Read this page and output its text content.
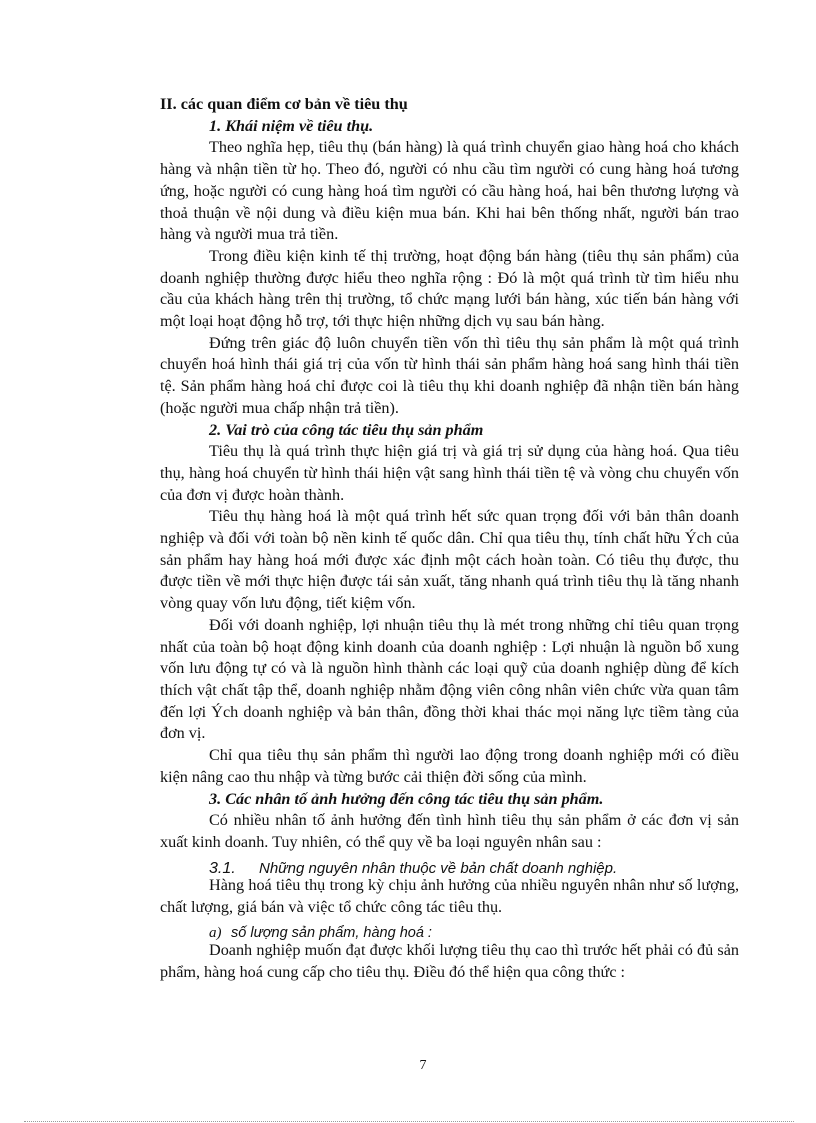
II. các quan điểm cơ bản về tiêu thụ

1. Khái niệm về tiêu thụ.

Theo nghĩa hẹp, tiêu thụ (bán hàng) là quá trình chuyển giao hàng hoá cho khách hàng và nhận tiền từ họ. Theo đó, người có nhu cầu tìm người có cung hàng hoá tương ứng, hoặc người có cung hàng hoá tìm người có cầu hàng hoá, hai bên thương lượng và thoả thuận về nội dung và điều kiện mua bán. Khi hai bên thống nhất, người bán trao hàng và người mua trả tiền.

Trong điều kiện kinh tế thị trường, hoạt động bán hàng (tiêu thụ sản phẩm) của doanh nghiệp thường được hiểu theo nghĩa rộng : Đó là một quá trình từ tìm hiểu nhu cầu của khách hàng trên thị trường, tổ chức mạng lưới bán hàng, xúc tiến bán hàng với một loại hoạt động hỗ trợ, tới thực hiện những dịch vụ sau bán hàng.

Đứng trên giác độ luôn chuyển tiền vốn thì tiêu thụ sản phẩm là một quá trình chuyển hoá hình thái giá trị của vốn từ hình thái sản phẩm hàng hoá sang hình thái tiền tệ. Sản phẩm hàng hoá chỉ được coi là tiêu thụ khi doanh nghiệp đã nhận tiền bán hàng (hoặc người mua chấp nhận trả tiền).

2. Vai trò của công tác tiêu thụ sản phẩm

Tiêu thụ là quá trình thực hiện giá trị và giá trị sử dụng của hàng hoá. Qua tiêu thụ, hàng hoá chuyển từ hình thái hiện vật sang hình thái tiền tệ và vòng chu chuyển vốn của đơn vị được hoàn thành.

Tiêu thụ hàng hoá là một quá trình hết sức quan trọng đối với bản thân doanh nghiệp và đối với toàn bộ nền kinh tế quốc dân. Chỉ qua tiêu thụ, tính chất hữu Ých của sản phẩm hay hàng hoá mới được xác định một cách hoàn toàn. Có tiêu thụ được, thu được tiền về mới thực hiện được tái sản xuất, tăng nhanh quá trình tiêu thụ là tăng nhanh vòng quay vốn lưu động, tiết kiệm vốn.

Đối với doanh nghiệp, lợi nhuận tiêu thụ là mét trong những chỉ tiêu quan trọng nhất của toàn bộ hoạt động kinh doanh của doanh nghiệp : Lợi nhuận là nguồn bổ xung vốn lưu động tự có và là nguồn hình thành các loại quỹ của doanh nghiệp dùng để kích thích vật chất tập thể, doanh nghiệp nhằm động viên công nhân viên chức vừa quan tâm đến lợi Ých doanh nghiệp và bản thân, đồng thời khai thác mọi năng lực tiềm tàng của đơn vị.

Chỉ qua tiêu thụ sản phẩm thì người lao động trong doanh nghiệp mới có điều kiện nâng cao thu nhập và từng bước cải thiện đời sống của mình.

3. Các nhân tố ảnh hưởng đến công tác tiêu thụ sản phẩm.

Có nhiều nhân tố ảnh hưởng đến tình hình tiêu thụ sản phẩm ở các đơn vị sản xuất kinh doanh. Tuy nhiên, có thể quy về ba loại nguyên nhân sau :

3.1.	Những nguyên nhân thuộc về bản chất doanh nghiệp.

Hàng hoá tiêu thụ trong kỳ chịu ảnh hưởng của nhiều nguyên nhân như số lượng, chất lượng, giá bán và việc tổ chức công tác tiêu thụ.

a) số lượng sản phẩm, hàng hoá :

Doanh nghiệp muốn đạt được khối lượng tiêu thụ cao thì trước hết phải có đủ sản phẩm, hàng hoá cung cấp cho tiêu thụ. Điều đó thể hiện qua công thức :

7
